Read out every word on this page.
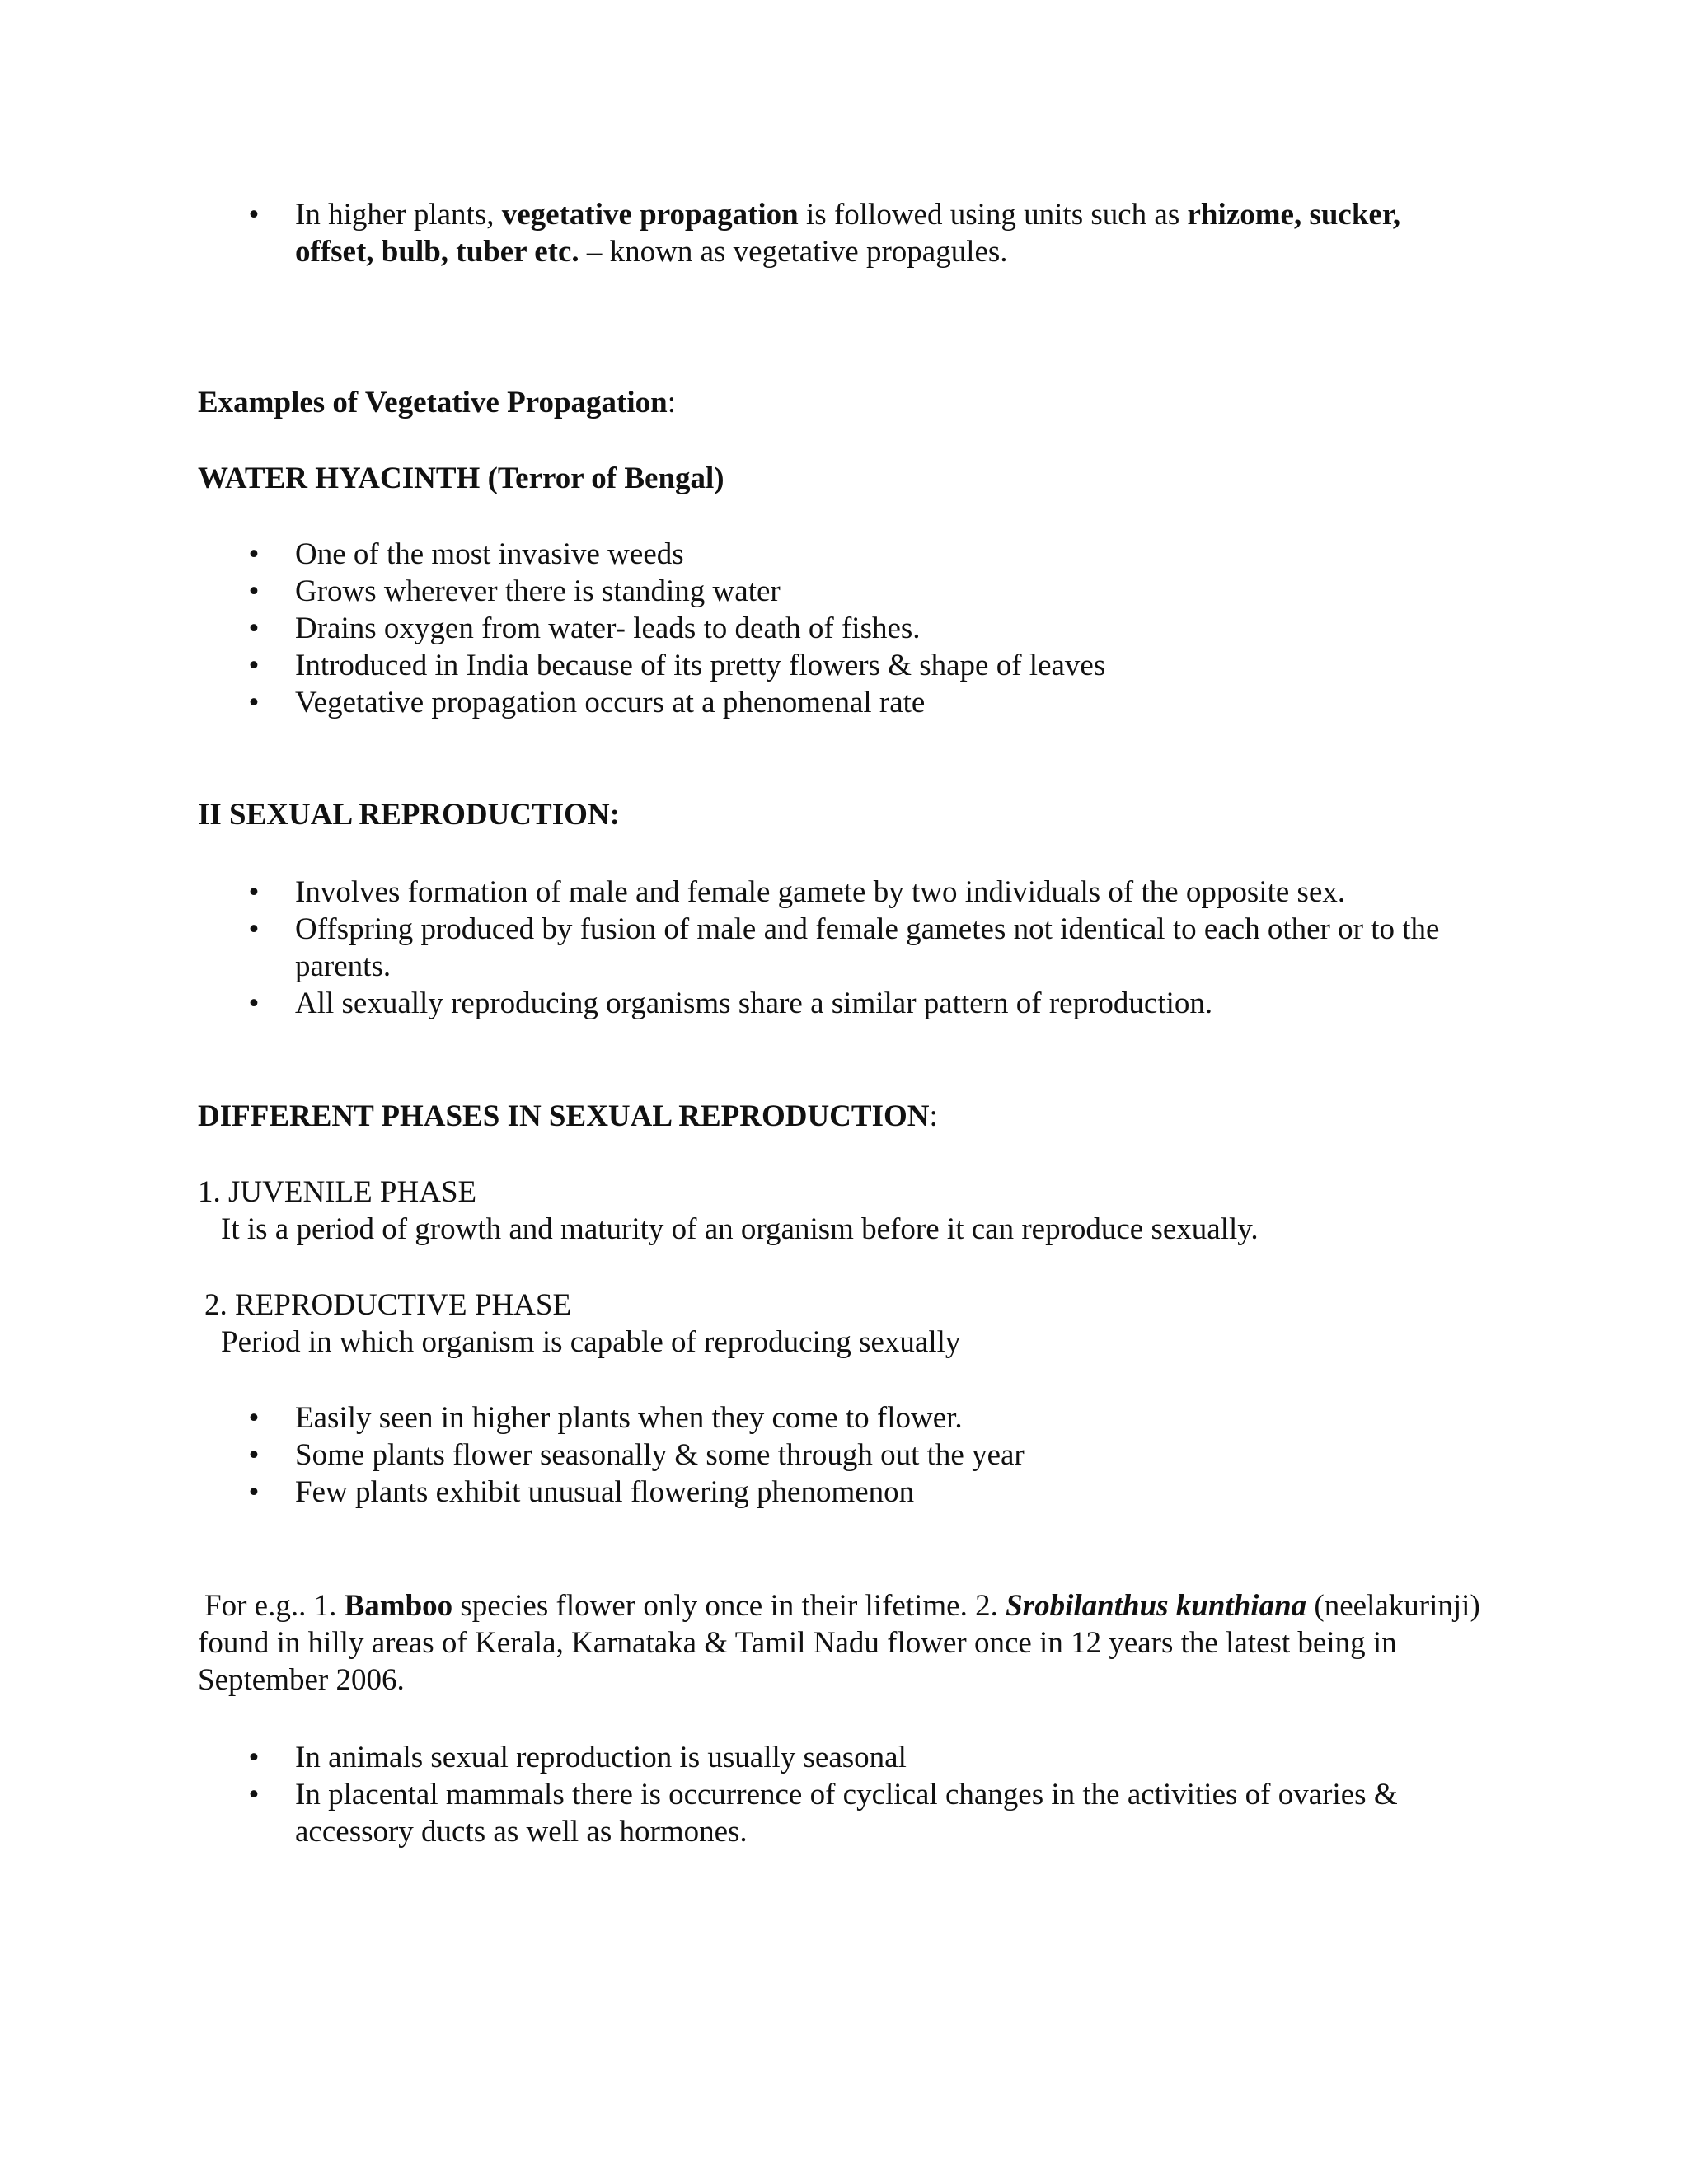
• In higher plants, vegetative propagation is followed using units such as rhizome, sucker, offset, bulb, tuber etc. – known as vegetative propagules.
Examples of Vegetative Propagation:
WATER HYACINTH (Terror of Bengal)
• One of the most invasive weeds
• Grows wherever there is standing water
• Drains oxygen from water- leads to death of fishes.
• Introduced in India because of its pretty flowers & shape of leaves
• Vegetative propagation occurs at a phenomenal rate
II SEXUAL REPRODUCTION:
• Involves formation of male and female gamete by two individuals of the opposite sex.
• Offspring produced by fusion of male and female gametes not identical to each other or to the parents.
• All sexually reproducing organisms share a similar pattern of reproduction.
DIFFERENT PHASES IN SEXUAL REPRODUCTION:
1. JUVENILE PHASE
It is a period of growth and maturity of an organism before it can reproduce sexually.
2. REPRODUCTIVE PHASE
Period in which organism is capable of reproducing sexually
• Easily seen in higher plants when they come to flower.
• Some plants flower seasonally & some through out the year
• Few plants exhibit unusual flowering phenomenon
For e.g.. 1. Bamboo species flower only once in their lifetime. 2. Srobilanthus kunthiana (neelakurinji) found in hilly areas of Kerala, Karnataka & Tamil Nadu flower once in 12 years the latest being in September 2006.
• In animals sexual reproduction is usually seasonal
• In placental mammals there is occurrence of cyclical changes in the activities of ovaries & accessory ducts as well as hormones.
